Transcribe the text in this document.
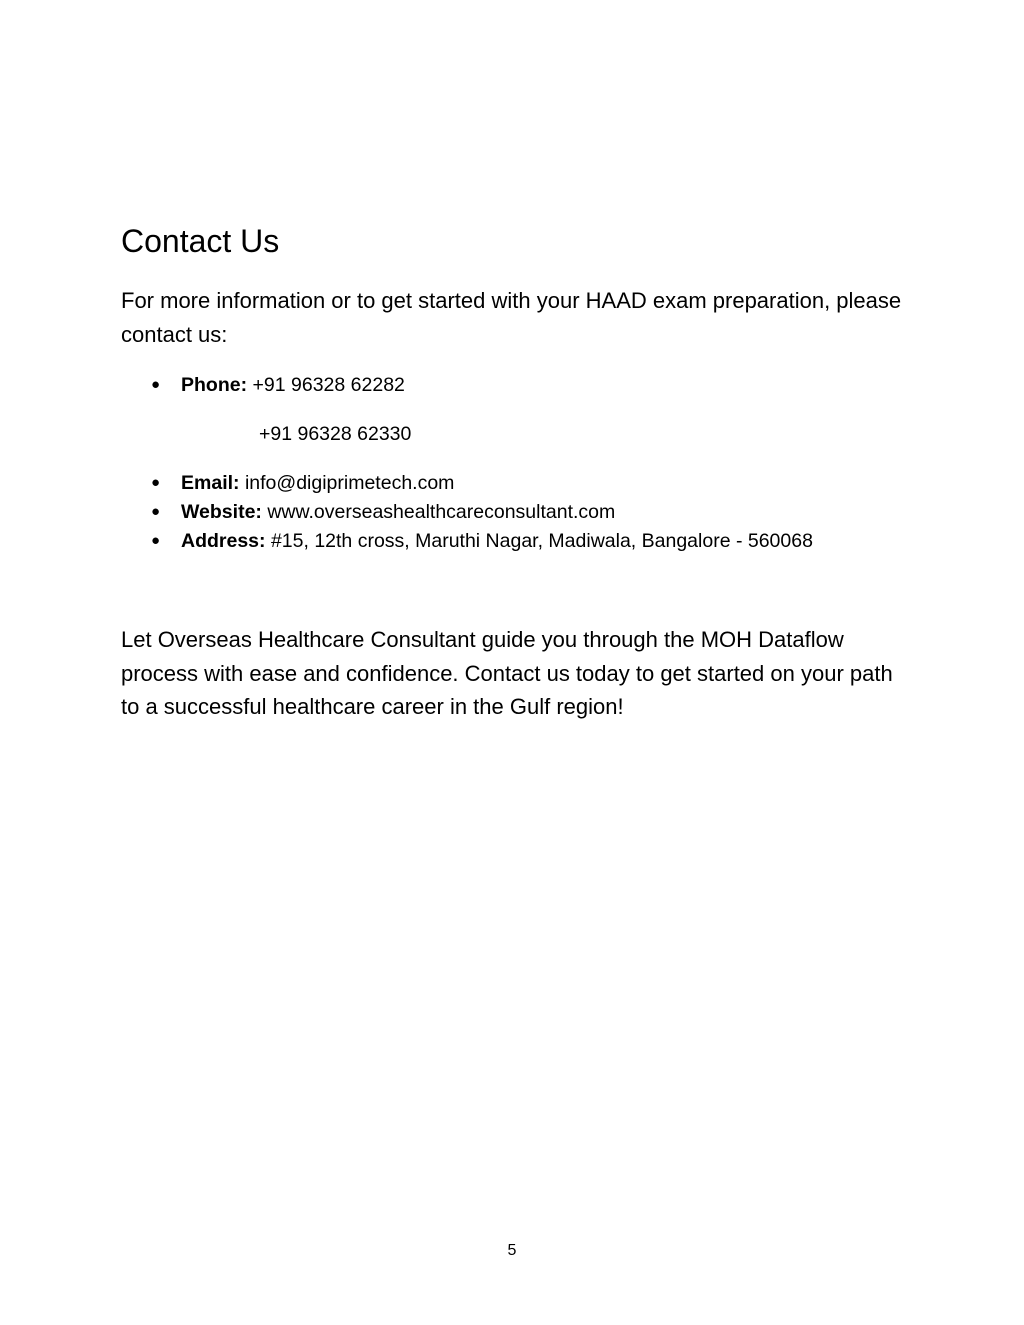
Contact Us

For more information or to get started with your HAAD exam preparation, please contact us:

● Phone: +91 96328 62282
+91 96328 62330
● Email: info@digiprimetech.com
● Website: www.overseashealthcareconsultant.com
● Address: #15, 12th cross, Maruthi Nagar, Madiwala, Bangalore - 560068

Let Overseas Healthcare Consultant guide you through the MOH Dataflow process with ease and confidence. Contact us today to get started on your path to a successful healthcare career in the Gulf region!

5
